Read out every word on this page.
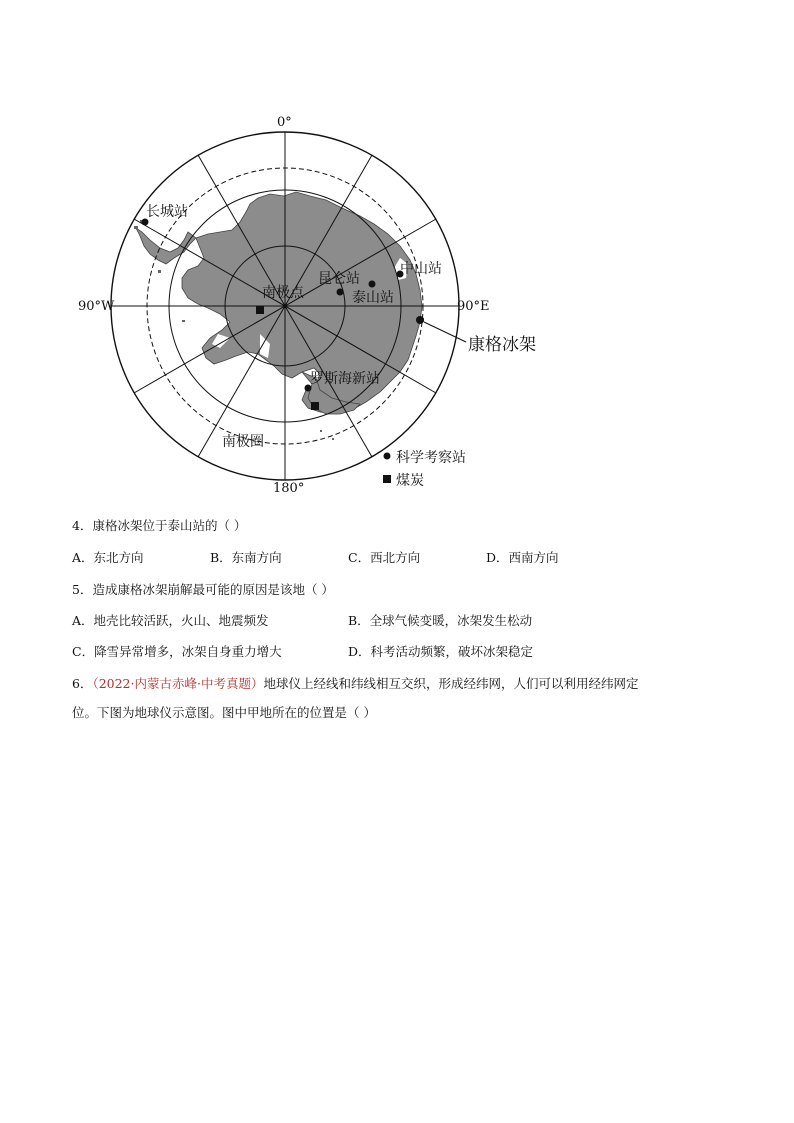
0°
180°
90°W	90°E
长城站
昆仑站
泰山站
中山站
罗斯海新站
南极点
康格冰架
南极圈
科学考察站
煤炭
4．康格冰架位于泰山站的（ ）
A．东北方向	B．东南方向	C．西北方向	D．西南方向
5．造成康格冰架崩解最可能的原因是该地（ ）
A．地壳比较活跃，火山、地震频发	B．全球气候变暖，冰架发生松动
C．降雪异常增多，冰架自身重力增大	D．科考活动频繁，破坏冰架稳定
6．（2022·内蒙古赤峰·中考真题）地球仪上经线和纬线相互交织，形成经纬网，人们可以利用经纬网定
位。下图为地球仪示意图。图中甲地所在的位置是（ ）
